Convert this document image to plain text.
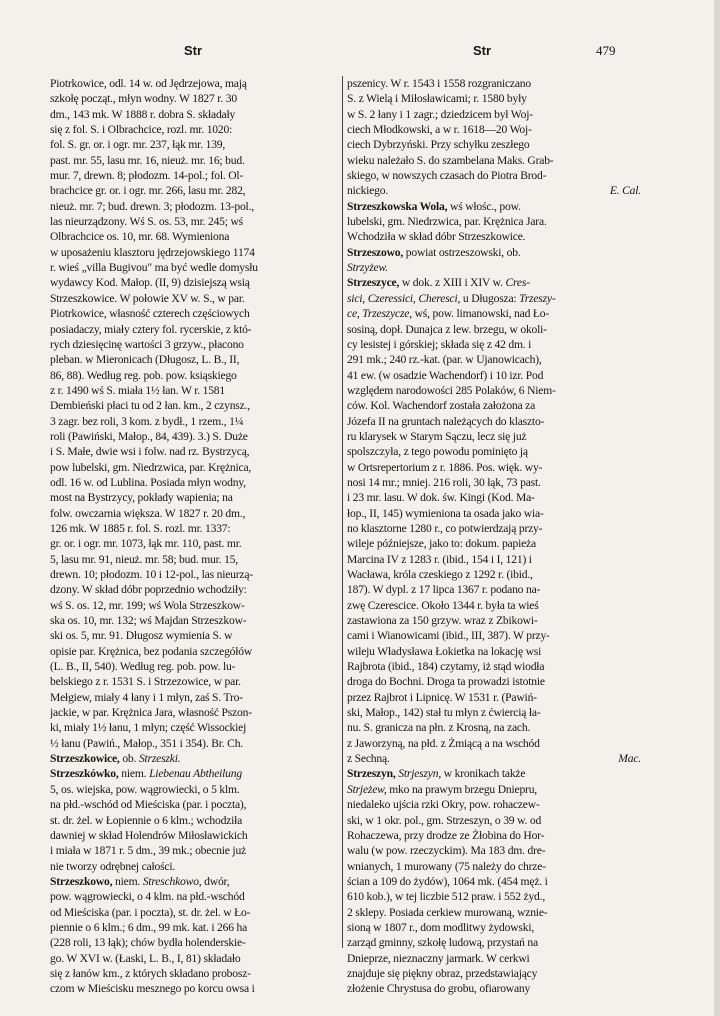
Str	Str	479
Piotrkowice, odl. 14 w. od Jędrzejowa, mają
szkołę począt., młyn wodny. W 1827 r. 30
dm., 143 mk. W 1888 r. dobra S. składały
się z fol. S. i Olbrachcice, rozl. mr. 1020:
fol. S. gr. or. i ogr. mr. 237, łąk mr. 139,
past. mr. 55, lasu mr. 16, nieuż. mr. 16; bud.
mur. 7, drewn. 8; płodozm. 14-pol.; fol. Ol-
brachcice gr. or. i ogr. mr. 266, lasu mr. 282,
nieuż. mr. 7; bud. drewn. 3; płodozm. 13-pol.,
las nieurządzony. Wś S. os. 53, mr. 245; wś
Olbrachcice os. 10, mr. 68. Wymieniona
w uposażeniu klasztoru jędrzejowskiego 1174
r. wieś „villa Bugivou" ma być wedle domysłu
wydawcy Kod. Małop. (II, 9) dzisiejszą wsią
Strzeszkowice. W połowie XV w. S., w par.
Piotrkowice, własność czterech częściowych
posiadaczy, miały cztery fol. rycerskie, z któ-
rych dziesięcinę wartości 3 grzyw., płacono
pleban. w Mieronicach (Długosz, L. B., II,
86, 88). Według reg. pob. pow. ksiąskiego
z r. 1490 wś S. miała 1½ łan. W r. 1581
Dembieński płaci tu od 2 łan. km., 2 czynsz.,
3 zagr. bez roli, 3 kom. z bydł., 1 rzem., 1¼
roli (Pawiński, Małop., 84, 439). 3.) S. Duże
i S. Małe, dwie wsi i folw. nad rz. Bystrzycą,
pow lubelski, gm. Niedrzwica, par. Krężnica,
odl. 16 w. od Lublina. Posiada młyn wodny,
most na Bystrzycy, pokłady wapienia; na
folw. owczarnia większa. W 1827 r. 20 dm.,
126 mk. W 1885 r. fol. S. rozl. mr. 1337:
gr. or. i ogr. mr. 1073, łąk mr. 110, past. mr.
5, lasu mr. 91, nieuż. mr. 58; bud. mur. 15,
drewn. 10; płodozm. 10 i 12-pol., las nieurzą-
dzony. W skład dóbr poprzednio wchodziły:
wś S. os. 12, mr. 199; wś Wola Strzeszkow-
ska os. 10, mr. 132; wś Majdan Strzeszkow-
ski os. 5, mr. 91. Długosz wymienia S. w
opisie par. Krężnica, bez podania szczegółów
(L. B., II, 540). Według reg. pob. pow. lu-
belskiego z r. 1531 S. i Strzezowice, w par.
Mełgiew, miały 4 łany i 1 młyn, zaś S. Tro-
jackie, w par. Krężnica Jara, własność Pszon-
ki, miały 1½ łanu, 1 młyn; część Wissockiej
½ łanu (Pawiń., Małop., 351 i 354). Br. Ch.
Strzeszkowice, ob. Strzeszki.
Strzeszkówko, niem. Liebenau Abtheilung
5, os. wiejska, pow. wągrowiecki, o 5 klm.
na płd.-wschód od Mieściska (par. i poczta),
st. dr. żel. w Łopiennie o 6 klm.; wchodziła
dawniej w skład Holendrów Miłosławickich
i miała w 1871 r. 5 dm., 39 mk.; obecnie już
nie tworzy odrębnej całości.
Strzeszkowo, niem. Streschkowo, dwór,
pow. wągrowiecki, o 4 klm. na płd.-wschód
od Mieściska (par. i poczta), st. dr. żel. w Ło-
piennie o 6 klm.; 6 dm., 99 mk. kat. i 266 ha
(228 roli, 13 łąk); chów bydła holenderskie-
go. W XVI w. (Łaski, L. B., I, 81) składało
się z łanów km., z których składano probosz-
czom w Mieścisku mesznego po korcu owsa i
pszenicy. W r. 1543 i 1558 rozgraniczano
S. z Wielą i Miłosławicami; r. 1580 były
w S. 2 łany i 1 zagr.; dziedzicem był Woj-
ciech Młodkowski, a w r. 1618—20 Woj-
ciech Dybrzyński. Przy schyłku zeszłego
wieku należało S. do szambelana Maks. Grab-
skiego, w nowszych czasach do Piotra Brod-
nickiego.	E. Cal.
Strzeszkowska Wola, wś włośc., pow.
lubelski, gm. Niedrzwica, par. Krężnica Jara.
Wchodziła w skład dóbr Strzeszkowice.
Strzeszowo, powiat ostrzeszowski, ob.
Strzyżew.
Strzeszyce, w dok. z XIII i XIV w. Cres-
sici, Czeressici, Cheresci, u Długosza: Trzeszy-
ce, Trzeszycze, wś, pow. limanowski, nad Ło-
sosiną, dopł. Dunajca z lew. brzegu, w okoli-
cy lesistej i górskiej; składa się z 42 dm. i
291 mk.; 240 rz.-kat. (par. w Ujanowicach),
41 ew. (w osadzie Wachendorf) i 10 izr. Pod
względem narodowości 285 Polaków, 6 Niem-
ców. Kol. Wachendorf została założona za
Józefa II na gruntach należących do klaszto-
ru klarysek w Starym Sączu, lecz się już
spolszczyła, z tego powodu pominięto ją
w Ortsrepertorium z r. 1886. Pos. więk. wy-
nosi 14 mr.; mniej. 216 roli, 30 łąk, 73 past.
i 23 mr. lasu. W dok. św. Kingi (Kod. Ma-
łop., II, 145) wymieniona ta osada jako wia-
no klasztorne 1280 r., co potwierdzają przy-
wileje późniejsze, jako to: dokum. papieża
Marcina IV z 1283 r. (ibid., 154 i I, 121) i
Wacława, króla czeskiego z 1292 r. (ibid.,
187). W dypl. z 17 lipca 1367 r. podano na-
zwę Czerescice. Około 1344 r. była ta wieś
zastawiona za 150 grzyw. wraz z Zbikowi-
cami i Wianowicami (ibid., III, 387). W przy-
wileju Władysława Łokietka na lokację wsi
Rajbrota (ibid., 184) czytamy, iż stąd wiodła
droga do Bochni. Droga ta prowadzi istotnie
przez Rajbrot i Lipnicę. W 1531 r. (Pawiń-
ski, Małop., 142) stał tu młyn z ćwiercią ła-
nu. S. granicza na płn. z Krosną, na zach.
z Jaworzyną, na płd. z Żmiącą a na wschód
z Sechną.	Mac.
Strzeszyn, Strjeszyn, w kronikach także
Strjeżew, mko na prawym brzegu Dniepru,
niedaleko ujścia rzki Okry, pow. rohaczew-
ski, w 1 okr. pol., gm. Strzeszyn, o 39 w. od
Rohaczewa, przy drodze ze Żłobina do Hor-
walu (w pow. rzeczyckim). Ma 183 dm. dre-
wnianych, 1 murowany (75 należy do chrze-
ścian a 109 do żydów), 1064 mk. (454 męż. i
610 kob.), w tej liczbie 512 praw. i 552 żyd.,
2 sklepy. Posiada cerkiew murowaną, wznie-
sioną w 1807 r., dom modlitwy żydowski,
zarząd gminny, szkołę ludową, przystań na
Dnieprze, nieznaczny jarmark. W cerkwi
znajduje się piękny obraz, przedstawiający
złożenie Chrystusa do grobu, ofiarowany
